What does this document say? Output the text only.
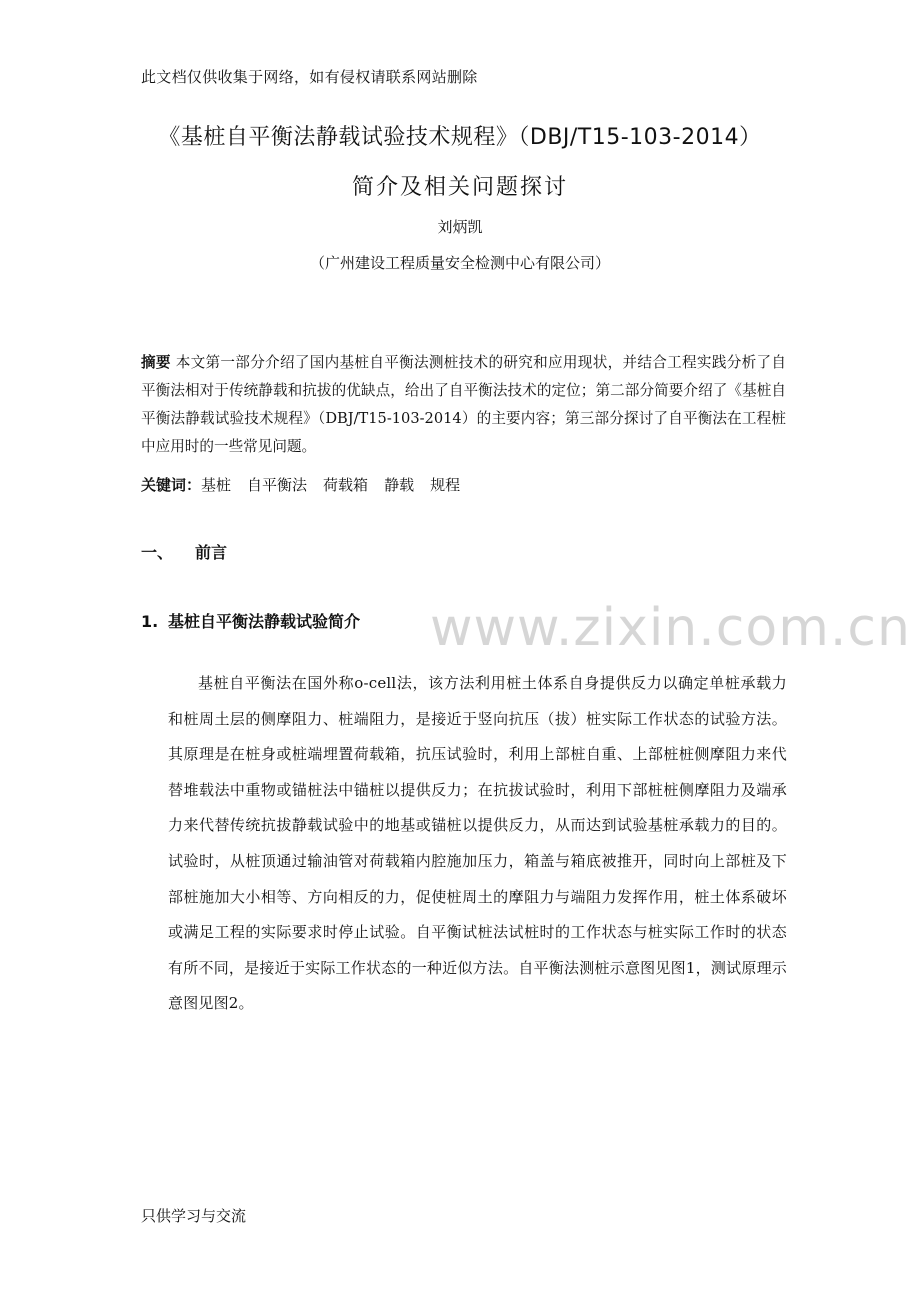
此文档仅供收集于网络，如有侵权请联系网站删除
《基桩自平衡法静载试验技术规程》（DBJ/T15-103-2014）
简介及相关问题探讨
刘炳凯
（广州建设工程质量安全检测中心有限公司）
摘要 本文第一部分介绍了国内基桩自平衡法测桩技术的研究和应用现状，并结合工程实践分析了自平衡法相对于传统静载和抗拔的优缺点，给出了自平衡法技术的定位；第二部分简要介绍了《基桩自平衡法静载试验技术规程》（DBJ/T15-103-2014）的主要内容；第三部分探讨了自平衡法在工程桩中应用时的一些常见问题。
关键词：基桩 自平衡法 荷载箱 静载 规程
一、 前言
www.zixin.com.cn
1. 基桩自平衡法静载试验简介
基桩自平衡法在国外称o-cell法，该方法利用桩土体系自身提供反力以确定单桩承载力和桩周土层的侧摩阻力、桩端阻力，是接近于竖向抗压（拔）桩实际工作状态的试验方法。其原理是在桩身或桩端埋置荷载箱，抗压试验时，利用上部桩自重、上部桩桩侧摩阻力来代替堆载法中重物或锚桩法中锚桩以提供反力；在抗拔试验时，利用下部桩桩侧摩阻力及端承力来代替传统抗拔静载试验中的地基或锚桩以提供反力，从而达到试验基桩承载力的目的。试验时，从桩顶通过输油管对荷载箱内腔施加压力，箱盖与箱底被推开，同时向上部桩及下部桩施加大小相等、方向相反的力，促使桩周土的摩阻力与端阻力发挥作用，桩土体系破坏或满足工程的实际要求时停止试验。自平衡试桩法试桩时的工作状态与桩实际工作时的状态有所不同，是接近于实际工作状态的一种近似方法。自平衡法测桩示意图见图1，测试原理示意图见图2。
只供学习与交流
